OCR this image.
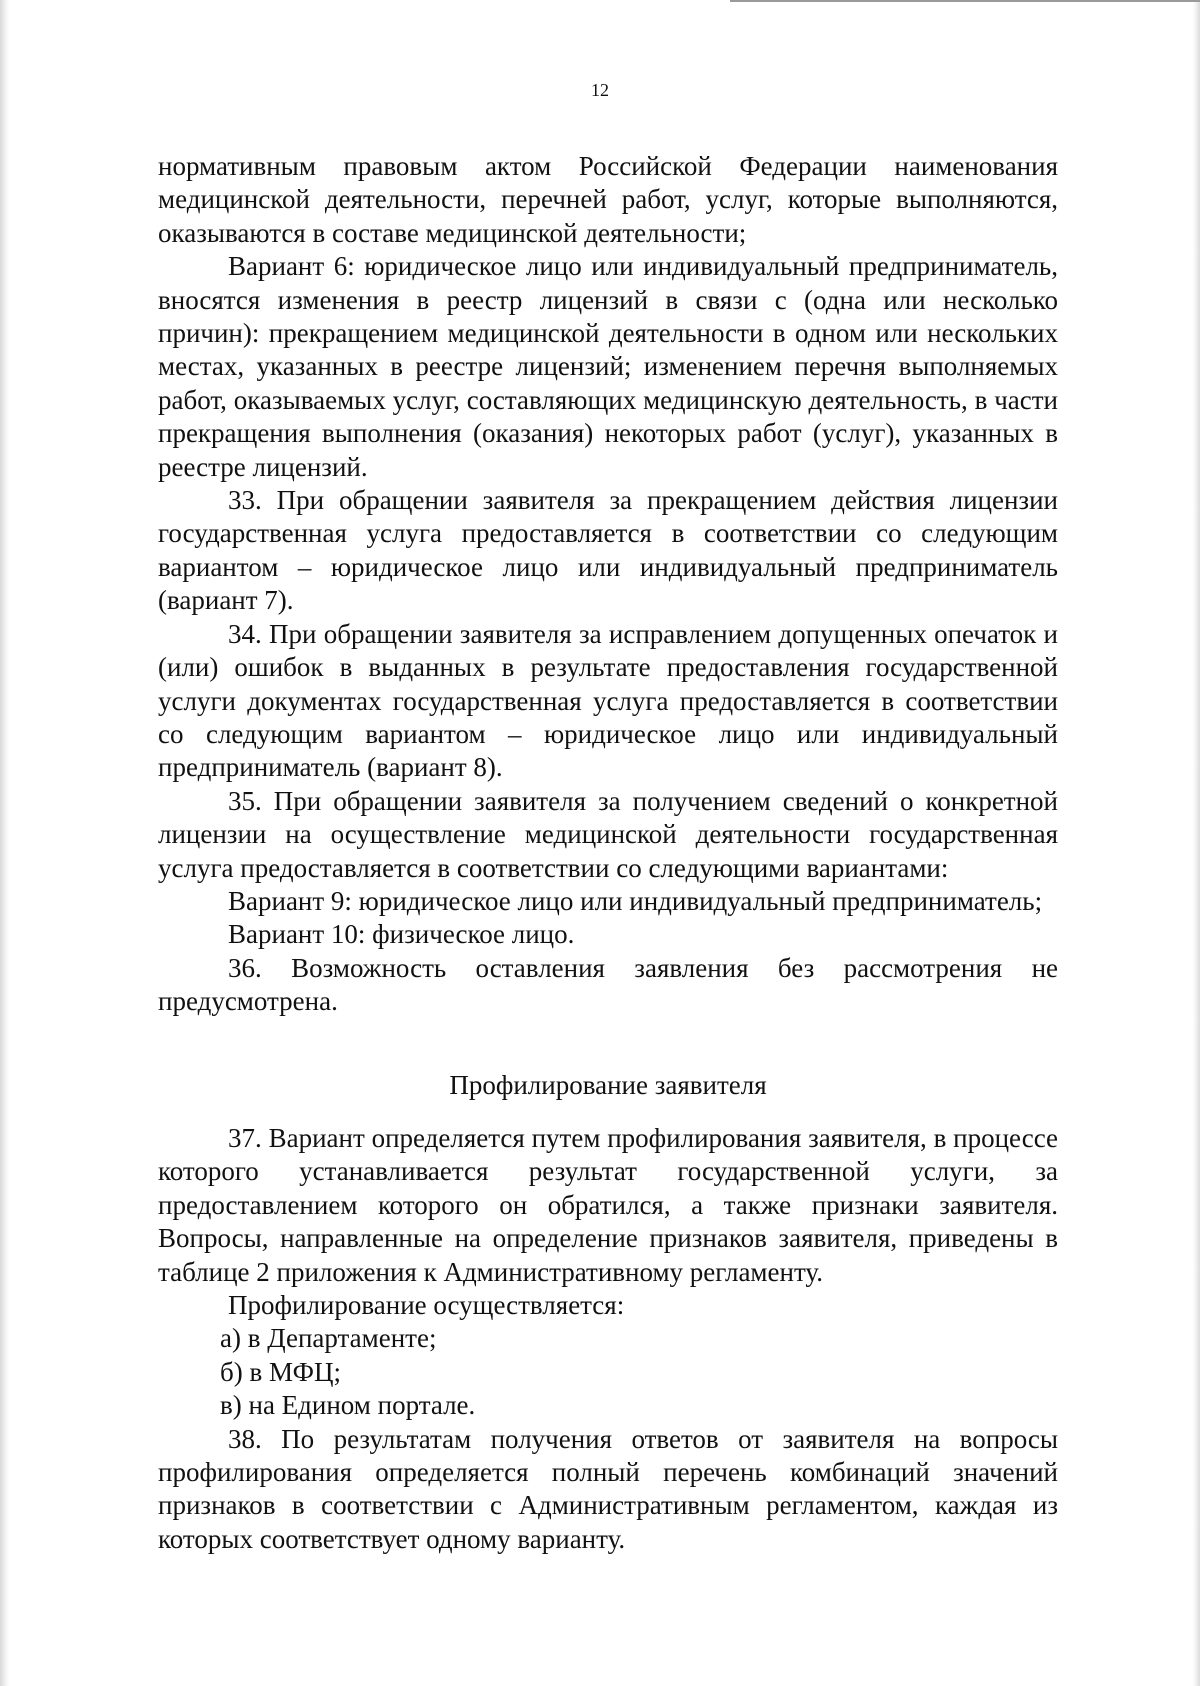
12

нормативным правовым актом Российской Федерации наименования медицинской деятельности, перечней работ, услуг, которые выполняются, оказываются в составе медицинской деятельности;

Вариант 6: юридическое лицо или индивидуальный предприниматель, вносятся изменения в реестр лицензий в связи с (одна или несколько причин): прекращением медицинской деятельности в одном или нескольких местах, указанных в реестре лицензий; изменением перечня выполняемых работ, оказываемых услуг, составляющих медицинскую деятельность, в части прекращения выполнения (оказания) некоторых работ (услуг), указанных в реестре лицензий.

33. При обращении заявителя за прекращением действия лицензии государственная услуга предоставляется в соответствии со следующим вариантом – юридическое лицо или индивидуальный предприниматель (вариант 7).

34. При обращении заявителя за исправлением допущенных опечаток и (или) ошибок в выданных в результате предоставления государственной услуги документах государственная услуга предоставляется в соответствии со следующим вариантом – юридическое лицо или индивидуальный предприниматель (вариант 8).

35. При обращении заявителя за получением сведений о конкретной лицензии на осуществление медицинской деятельности государственная услуга предоставляется в соответствии со следующими вариантами:

Вариант 9: юридическое лицо или индивидуальный предприниматель;

Вариант 10: физическое лицо.

36. Возможность оставления заявления без рассмотрения не предусмотрена.

Профилирование заявителя

37. Вариант определяется путем профилирования заявителя, в процессе которого устанавливается результат государственной услуги, за предоставлением которого он обратился, а также признаки заявителя. Вопросы, направленные на определение признаков заявителя, приведены в таблице 2 приложения к Административному регламенту.

Профилирование осуществляется:

а) в Департаменте;

б) в МФЦ;

в) на Едином портале.

38. По результатам получения ответов от заявителя на вопросы профилирования определяется полный перечень комбинаций значений признаков в соответствии с Административным регламентом, каждая из которых соответствует одному варианту.
